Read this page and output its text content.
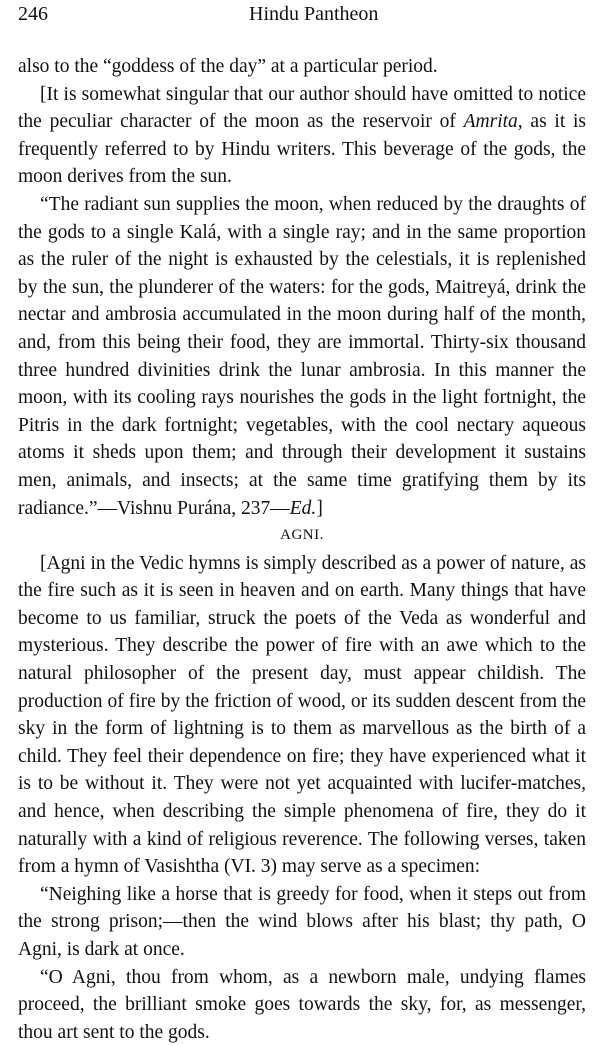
246	Hindu Pantheon

also to the “goddess of the day” at a particular period.

[It is somewhat singular that our author should have omitted to notice the peculiar character of the moon as the reservoir of Amrita, as it is frequently referred to by Hindu writers. This beverage of the gods, the moon derives from the sun.

“The radiant sun supplies the moon, when reduced by the draughts of the gods to a single Kalá, with a single ray; and in the same proportion as the ruler of the night is exhausted by the celestials, it is replenished by the sun, the plunderer of the waters: for the gods, Maitreyá, drink the nectar and ambrosia accumulated in the moon during half of the month, and, from this being their food, they are immortal. Thirty-six thousand three hundred divinities drink the lunar ambrosia. In this manner the moon, with its cooling rays nourishes the gods in the light fortnight, the Pitris in the dark fortnight; vegetables, with the cool nectary aqueous atoms it sheds upon them; and through their development it sustains men, animals, and insects; at the same time gratifying them by its radiance.”—Vishnu Purána, 237—Ed.]

AGNI.

[Agni in the Vedic hymns is simply described as a power of nature, as the fire such as it is seen in heaven and on earth. Many things that have become to us familiar, struck the poets of the Veda as wonderful and mysterious. They describe the power of fire with an awe which to the natural philosopher of the present day, must appear childish. The production of fire by the friction of wood, or its sudden descent from the sky in the form of lightning is to them as marvellous as the birth of a child. They feel their dependence on fire; they have experienced what it is to be without it. They were not yet acquainted with lucifer-matches, and hence, when describing the simple phenomena of fire, they do it naturally with a kind of religious reverence. The following verses, taken from a hymn of Vasishtha (VI. 3) may serve as a specimen:

“Neighing like a horse that is greedy for food, when it steps out from the strong prison;—then the wind blows after his blast; thy path, O Agni, is dark at once.

“O Agni, thou from whom, as a newborn male, undying flames proceed, the brilliant smoke goes towards the sky, for, as messenger, thou art sent to the gods.
